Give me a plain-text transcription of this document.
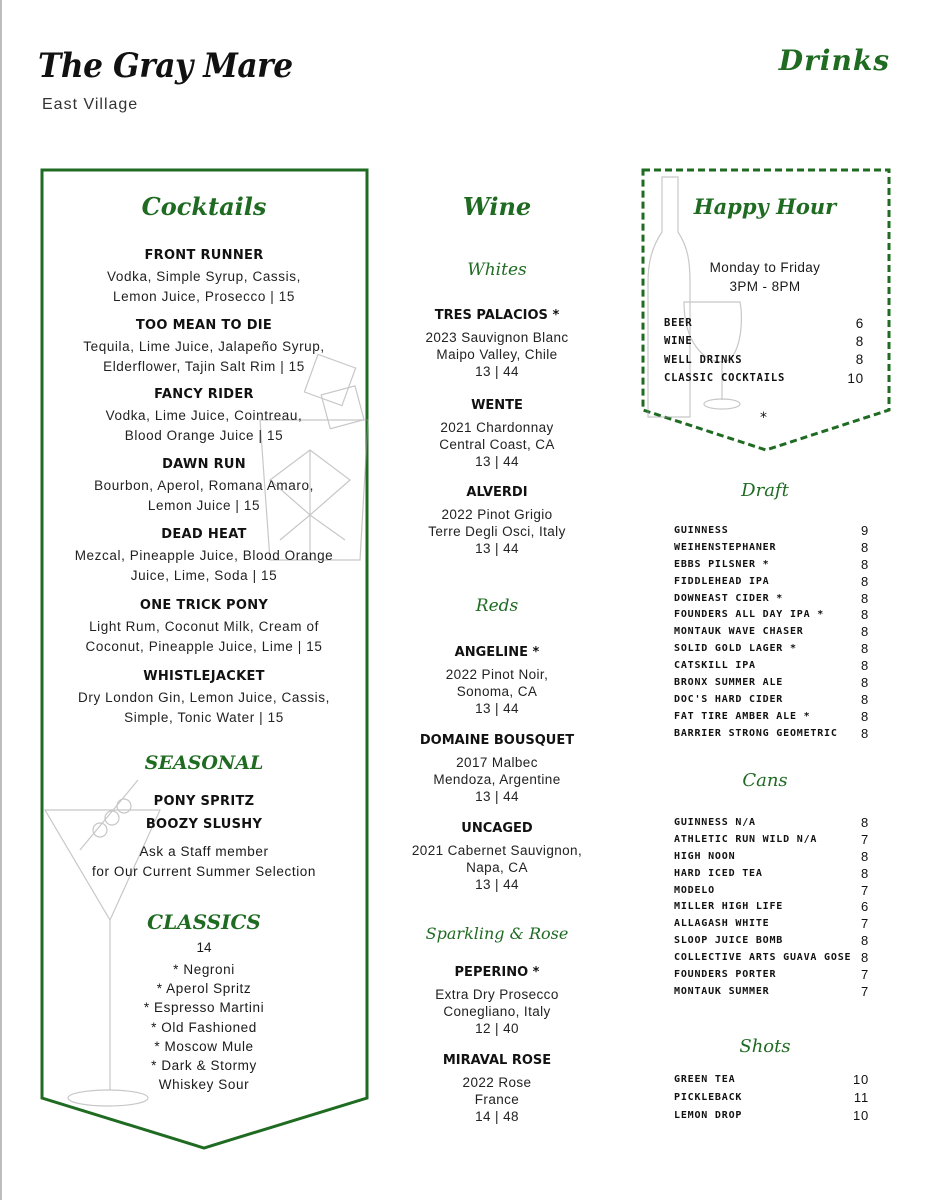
The Gray Mare
East Village
Drinks
Cocktails
FRONT RUNNER
Vodka, Simple Syrup, Cassis, Lemon Juice, Prosecco | 15
TOO MEAN TO DIE
Tequila, Lime Juice, Jalapeño Syrup, Elderflower, Tajin Salt Rim | 15
FANCY RIDER
Vodka, Lime Juice, Cointreau, Blood Orange Juice | 15
DAWN RUN
Bourbon, Aperol, Romana Amaro, Lemon Juice | 15
DEAD HEAT
Mezcal, Pineapple Juice, Blood Orange Juice, Lime, Soda | 15
ONE TRICK PONY
Light Rum, Coconut Milk, Cream of Coconut, Pineapple Juice, Lime | 15
WHISTLEJACKET
Dry London Gin, Lemon Juice, Cassis, Simple, Tonic Water | 15
SEASONAL
PONY SPRITZ
BOOZY SLUSHY
Ask a Staff member
for Our Current Summer Selection
CLASSICS
14
* Negroni
* Aperol Spritz
* Espresso Martini
* Old Fashioned
* Moscow Mule
* Dark & Stormy
Whiskey Sour
Wine
Whites
TRES PALACIOS *
2023 Sauvignon Blanc
Maipo Valley, Chile
13 | 44
WENTE
2021 Chardonnay
Central Coast, CA
13 | 44
ALVERDI
2022 Pinot Grigio
Terre Degli Osci, Italy
13 | 44
Reds
ANGELINE *
2022 Pinot Noir,
Sonoma, CA
13 | 44
DOMAINE BOUSQUET
2017 Malbec
Mendoza, Argentine
13 | 44
UNCAGED
2021 Cabernet Sauvignon,
Napa, CA
13 | 44
Sparkling & Rose
PEPERINO *
Extra Dry Prosecco
Conegliano, Italy
12 | 40
MIRAVAL ROSE
2022 Rose
France
14 | 48
Happy Hour
Monday to Friday
3PM - 8PM
BEER	6
WINE	8
WELL DRINKS	8
CLASSIC COCKTAILS	10
*
Draft
GUINNESS	9
WEIHENSTEPHANER	8
EBBS PILSNER *	8
FIDDLEHEAD IPA	8
DOWNEAST CIDER *	8
FOUNDERS ALL DAY IPA *	8
MONTAUK WAVE CHASER	8
SOLID GOLD LAGER *	8
CATSKILL IPA	8
BRONX SUMMER ALE	8
DOC'S HARD CIDER	8
FAT TIRE AMBER ALE *	8
BARRIER STRONG GEOMETRIC 8
Cans
GUINNESS N/A	8
ATHLETIC RUN WILD N/A	7
HIGH NOON	8
HARD ICED TEA	8
MODELO	7
MILLER HIGH LIFE	6
ALLAGASH WHITE	7
SLOOP JUICE BOMB	8
COLLECTIVE ARTS GUAVA GOSE 8
FOUNDERS PORTER	7
MONTAUK SUMMER	7
Shots
GREEN TEA	10
PICKLEBACK	11
LEMON DROP	10
